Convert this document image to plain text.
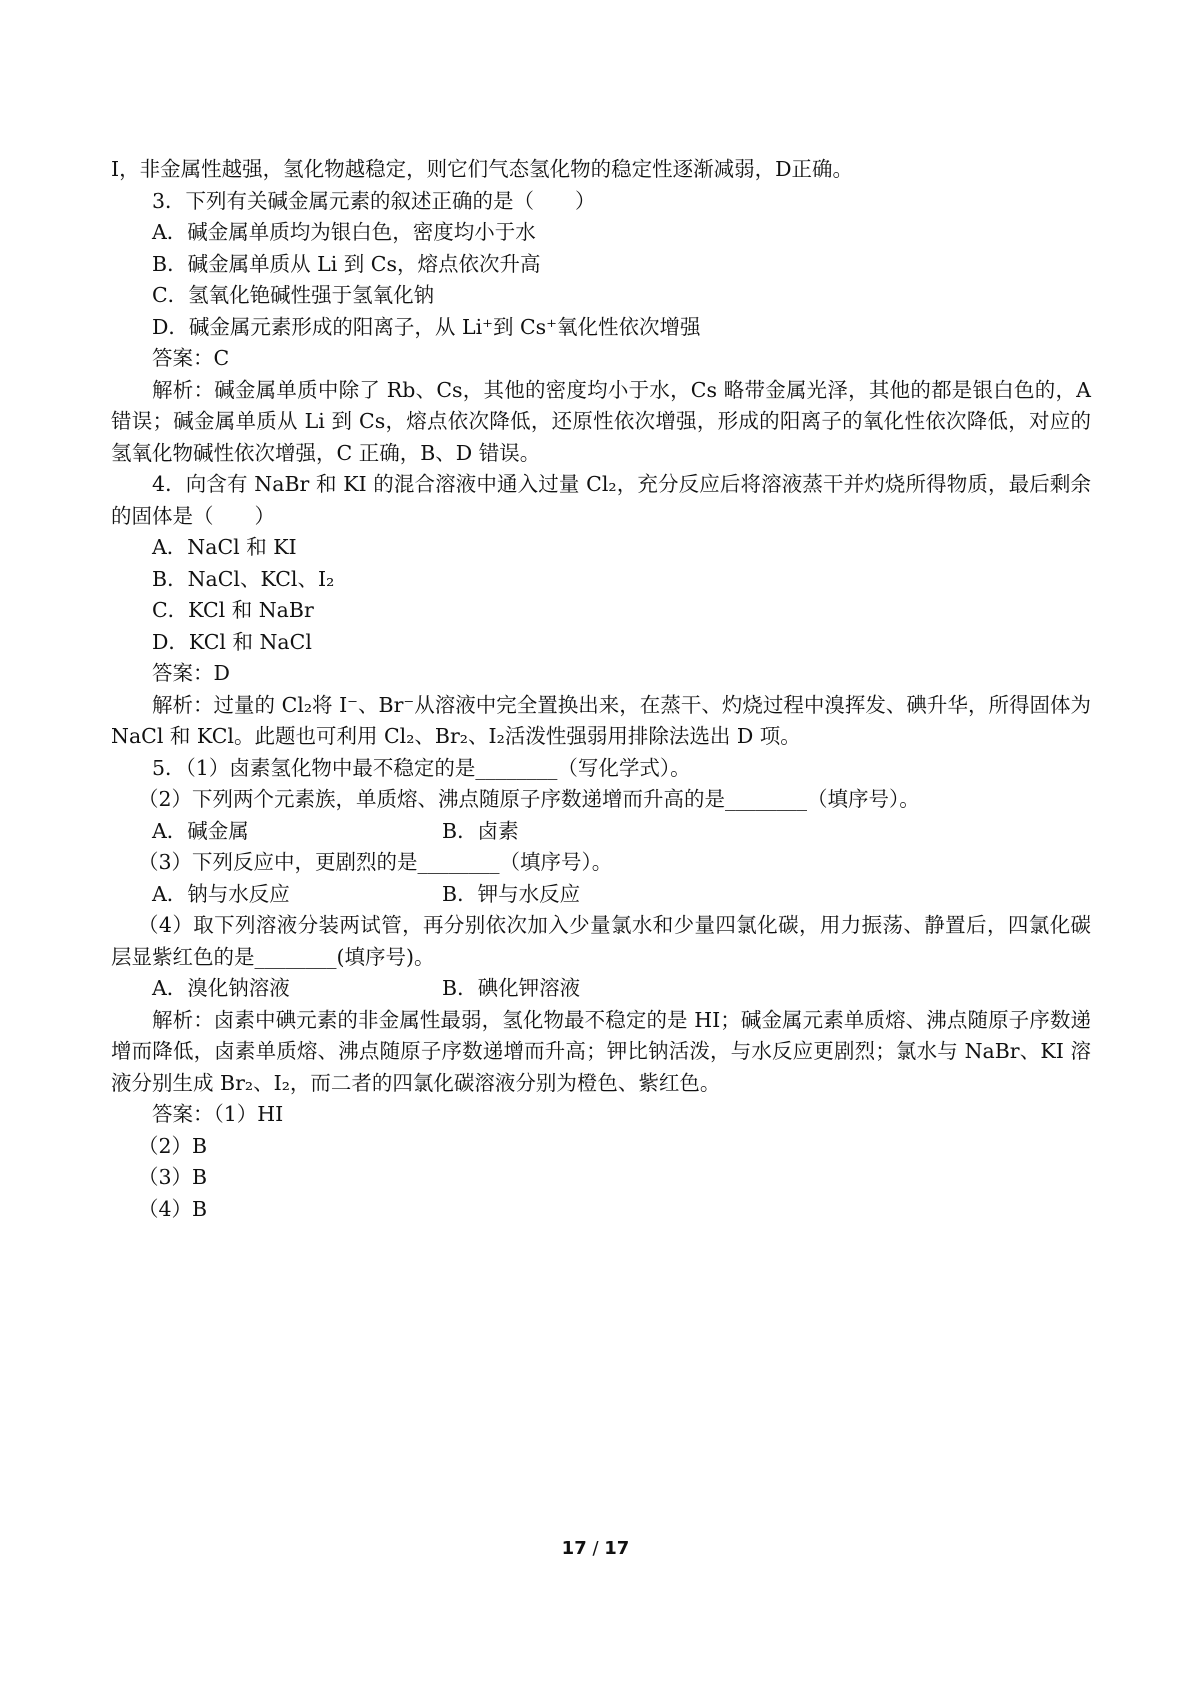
I，非金属性越强，氢化物越稳定，则它们气态氢化物的稳定性逐渐减弱，D正确。
3．下列有关碱金属元素的叙述正确的是（　　）
A．碱金属单质均为银白色，密度均小于水
B．碱金属单质从 Li 到 Cs，熔点依次升高
C．氢氧化铯碱性强于氢氧化钠
D．碱金属元素形成的阳离子，从 Li⁺到 Cs⁺氧化性依次增强
答案：C
解析：碱金属单质中除了 Rb、Cs，其他的密度均小于水，Cs 略带金属光泽，其他的都是银白色的，A 错误；碱金属单质从 Li 到 Cs，熔点依次降低，还原性依次增强，形成的阳离子的氧化性依次降低，对应的氢氧化物碱性依次增强，C 正确，B、D 错误。
4．向含有 NaBr 和 KI 的混合溶液中通入过量 Cl₂，充分反应后将溶液蒸干并灼烧所得物质，最后剩余的固体是（　　）
A．NaCl 和 KI
B．NaCl、KCl、I₂
C．KCl 和 NaBr
D．KCl 和 NaCl
答案：D
解析：过量的 Cl₂将 I⁻、Br⁻从溶液中完全置换出来，在蒸干、灼烧过程中溴挥发、碘升华，所得固体为 NaCl 和 KCl。此题也可利用 Cl₂、Br₂、I₂活泼性强弱用排除法选出 D 项。
5．（1）卤素氢化物中最不稳定的是________（写化学式）。
（2）下列两个元素族，单质熔、沸点随原子序数递增而升高的是________（填序号）。
A．碱金属	B．卤素
（3）下列反应中，更剧烈的是________（填序号）。
A．钠与水反应	B．钾与水反应
（4）取下列溶液分装两试管，再分别依次加入少量氯水和少量四氯化碳，用力振荡、静置后，四氯化碳层显紫红色的是________(填序号)。
A．溴化钠溶液	B．碘化钾溶液
解析：卤素中碘元素的非金属性最弱，氢化物最不稳定的是 HI；碱金属元素单质熔、沸点随原子序数递增而降低，卤素单质熔、沸点随原子序数递增而升高；钾比钠活泼，与水反应更剧烈；氯水与 NaBr、KI 溶液分别生成 Br₂、I₂，而二者的四氯化碳溶液分别为橙色、紫红色。
答案：（1）HI
（2）B
（3）B
（4）B
17 / 17
